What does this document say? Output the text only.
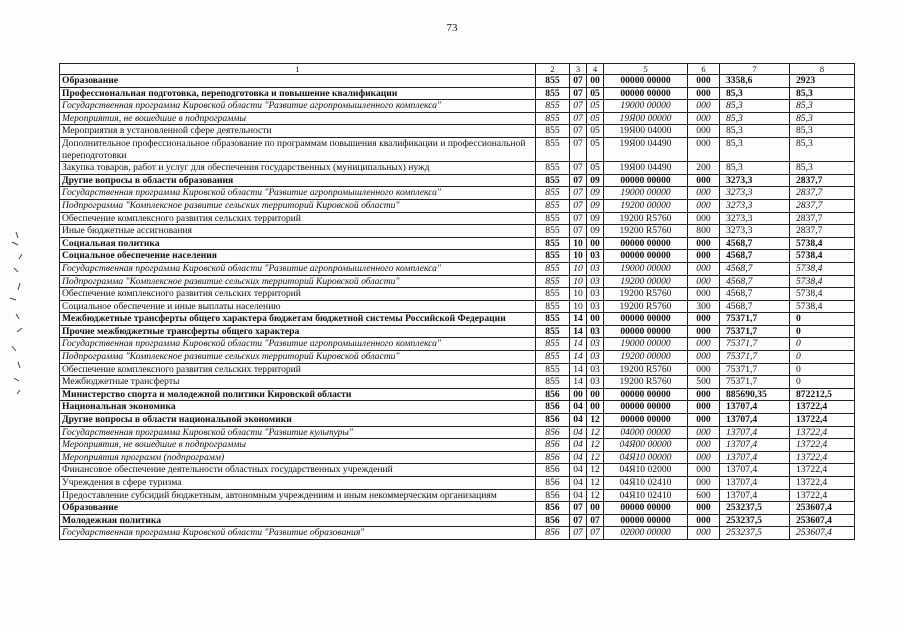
73
1	2	3	4	5	6	7	8
Образование	855	07	00	00000 00000	000	3358,6	2923
Профессиональная подготовка, переподготовка и повышение квалификации	855	07	05	00000 00000	000	85,3	85,3
Государственная программа Кировской области "Развитие агропромышленного комплекса"	855	07	05	19000 00000	000	85,3	85,3
Мероприятия, не вошедшие в подпрограммы	855	07	05	19Я00 00000	000	85,3	85,3
Мероприятия в установленной сфере деятельности	855	07	05	19Я00 04000	000	85,3	85,3
Дополнительное профессиональное образование по программам повышения квалификации и профессиональной переподготовки	855	07	05	19Я00 04490	000	85,3	85,3
Закупка товаров, работ и услуг для обеспечения государственных (муниципальных) нужд	855	07	05	19Я00 04490	200	85,3	85,3
Другие вопросы в области образования	855	07	09	00000 00000	000	3273,3	2837,7
Государственная программа Кировской области "Развитие агропромышленного комплекса"	855	07	09	19000 00000	000	3273,3	2837,7
Подпрограмма "Комплексное развитие сельских территорий Кировской области"	855	07	09	19200 00000	000	3273,3	2837,7
Обеспечение комплексного развития сельских территорий	855	07	09	19200 R5760	000	3273,3	2837,7
Иные бюджетные ассигнования	855	07	09	19200 R5760	800	3273,3	2837,7
Социальная политика	855	10	00	00000 00000	000	4568,7	5738,4
Социальное обеспечение населения	855	10	03	00000 00000	000	4568,7	5738,4
Государственная программа Кировской области "Развитие агропромышленного комплекса"	855	10	03	19000 00000	000	4568,7	5738,4
Подпрограмма "Комплексное развитие сельских территорий Кировской области"	855	10	03	19200 00000	000	4568,7	5738,4
Обеспечение комплексного развития сельских территорий	855	10	03	19200 R5760	000	4568,7	5738,4
Социальное обеспечение и иные выплаты населению	855	10	03	19200 R5760	300	4568,7	5738,4
Межбюджетные трансферты общего характера бюджетам бюджетной системы Российской Федерации	855	14	00	00000 00000	000	75371,7	0
Прочие межбюджетные трансферты общего характера	855	14	03	00000 00000	000	75371,7	0
Государственная программа Кировской области "Развитие агропромышленного комплекса"	855	14	03	19000 00000	000	75371,7	0
Подпрограмма "Комплексное развитие сельских территорий Кировской области"	855	14	03	19200 00000	000	75371,7	0
Обеспечение комплексного развития сельских территорий	855	14	03	19200 R5760	000	75371,7	0
Межбюджетные трансферты	855	14	03	19200 R5760	500	75371,7	0
Министерство спорта и молодежной политики Кировской области	856	00	00	00000 00000	000	885690,35	872212,5
Национальная экономика	856	04	00	00000 00000	000	13707,4	13722,4
Другие вопросы в области национальной экономики	856	04	12	00000 00000	000	13707,4	13722,4
Государственная программа Кировской области "Развитие культуры"	856	04	12	04000 00000	000	13707,4	13722,4
Мероприятия, не вошедшие в подпрограммы	856	04	12	04Я00 00000	000	13707,4	13722,4
Мероприятия программ (подпрограмм)	856	04	12	04Я10 00000	000	13707,4	13722,4
Финансовое обеспечение деятельности областных государственных учреждений	856	04	12	04Я10 02000	000	13707,4	13722,4
Учреждения в сфере туризма	856	04	12	04Я10 02410	000	13707,4	13722,4
Предоставление субсидий бюджетным, автономным учреждениям и иным некоммерческим организациям	856	04	12	04Я10 02410	600	13707,4	13722,4
Образование	856	07	00	00000 00000	000	253237,5	253607,4
Молодежная политика	856	07	07	00000 00000	000	253237,5	253607,4
Государственная программа Кировской области "Развитие образования"	856	07	07	02000 00000	000	253237,5	253607,4
